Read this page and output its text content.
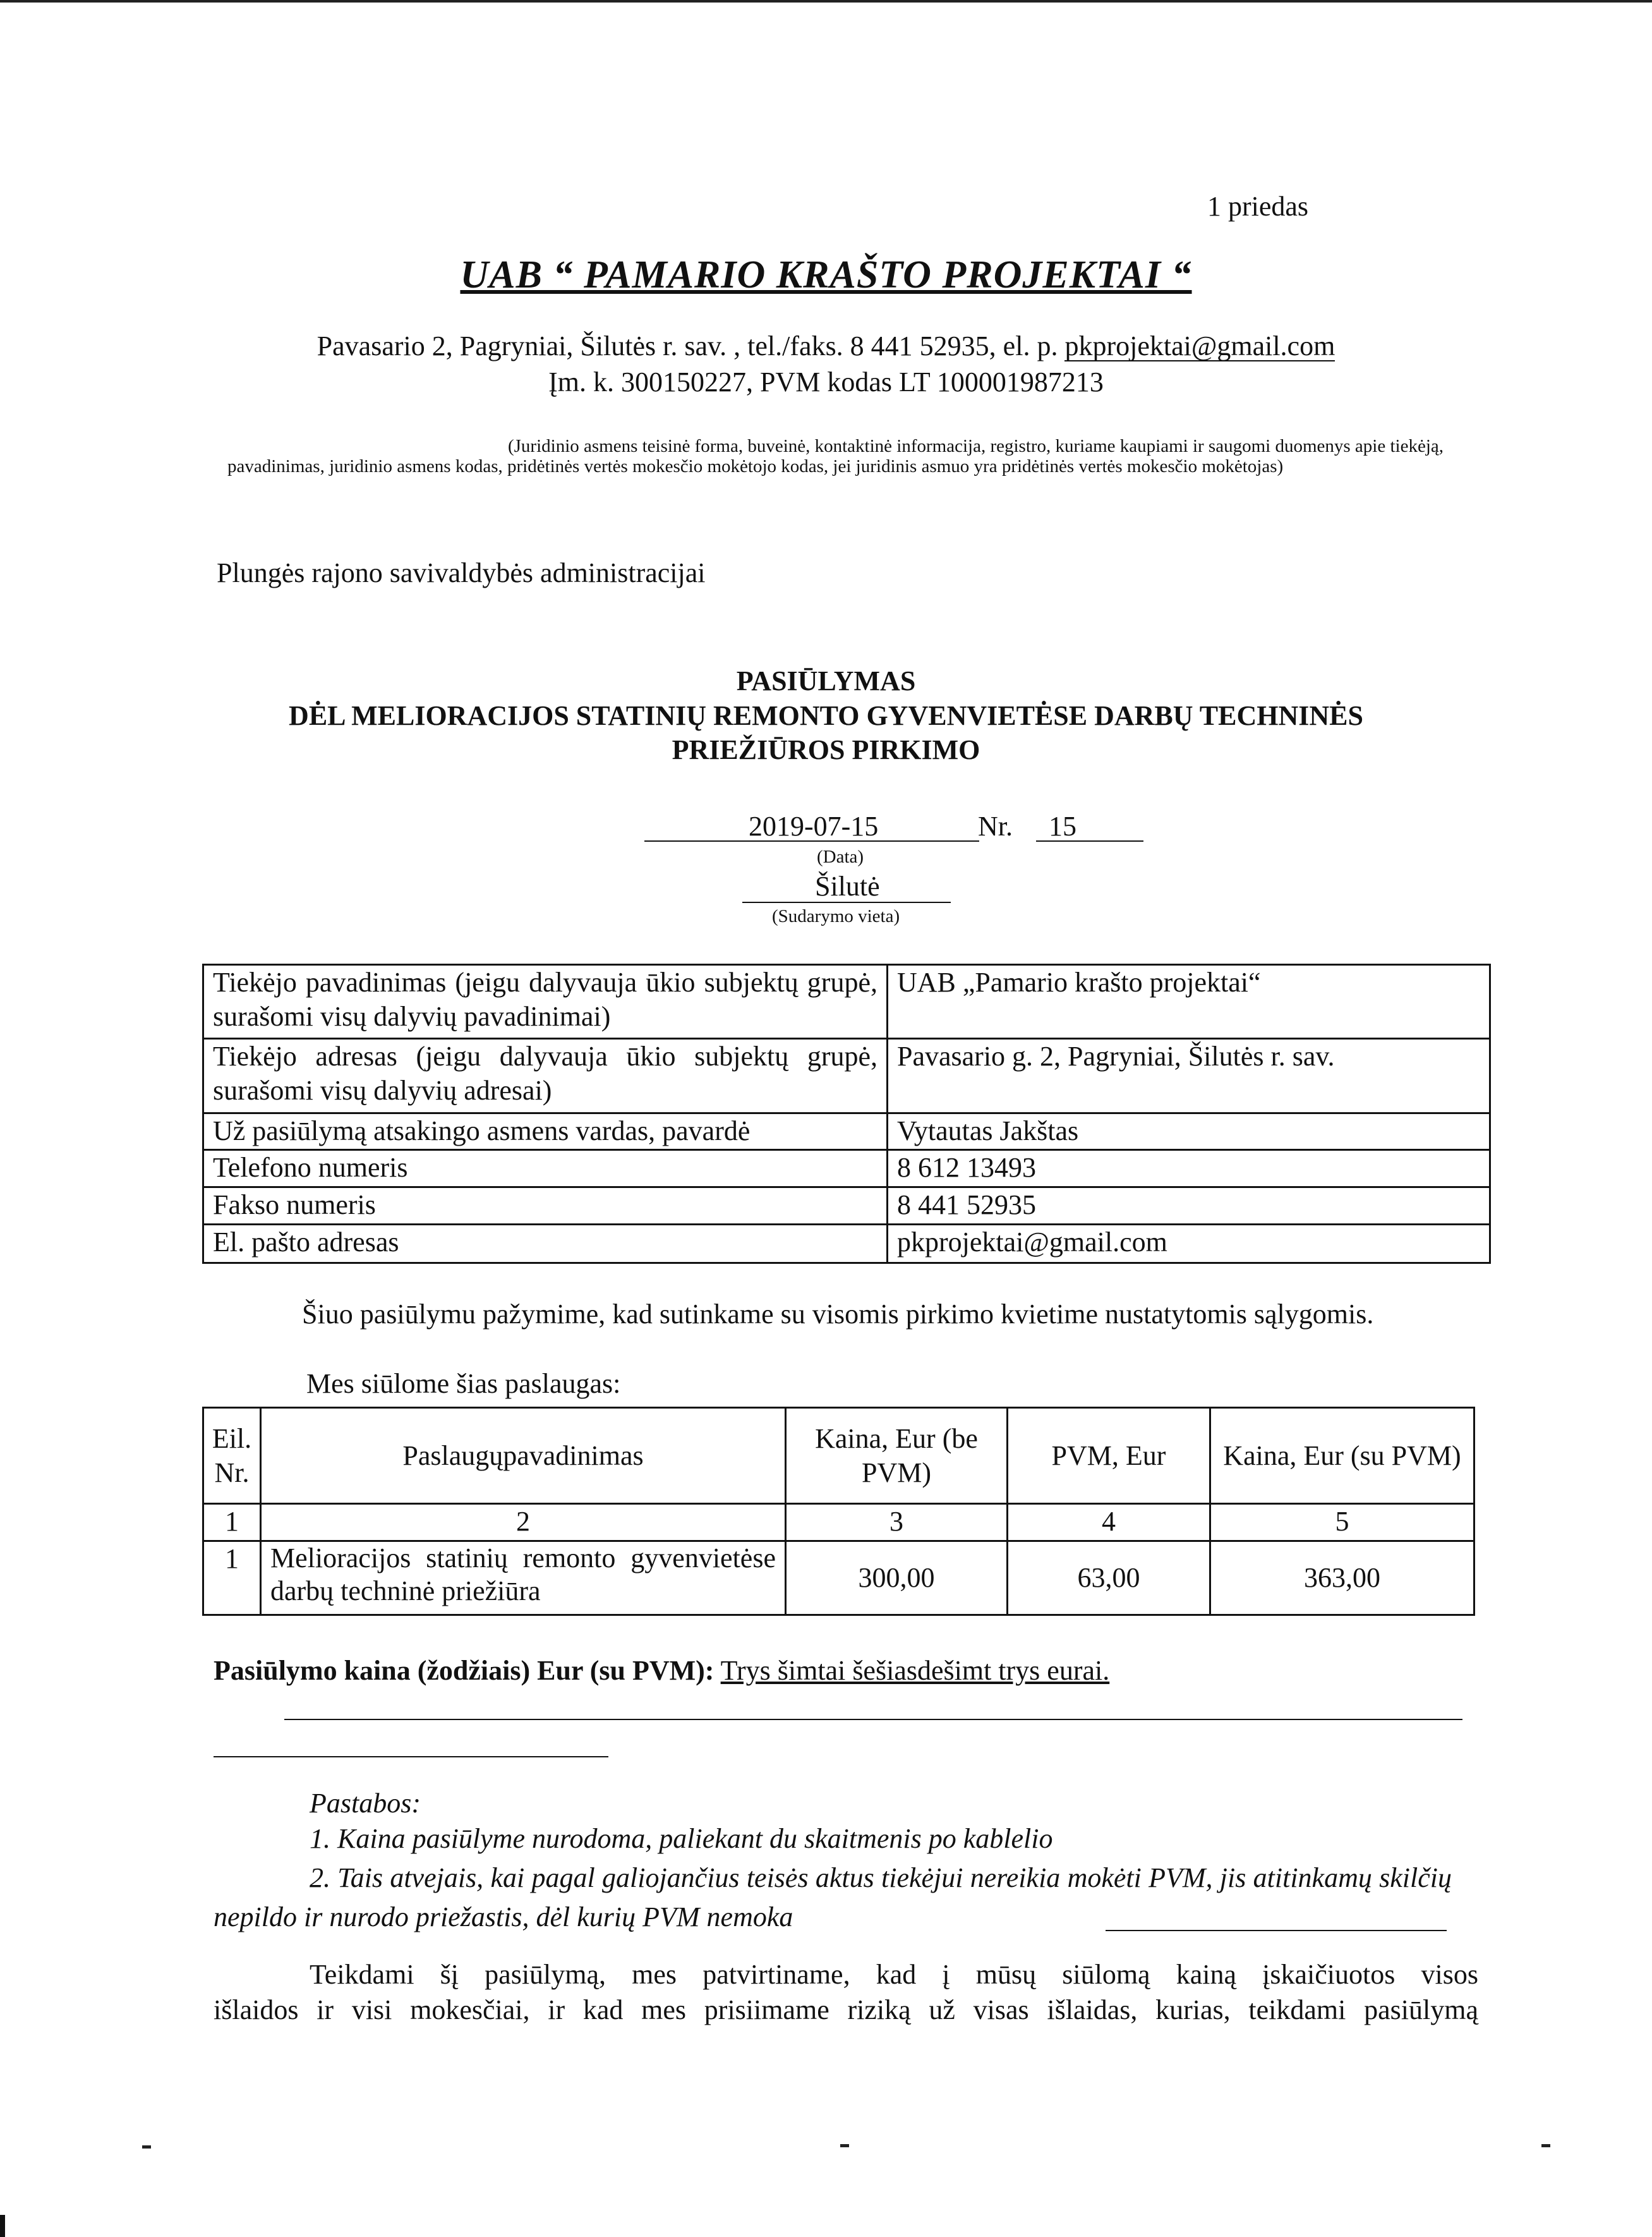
1 priedas
UAB “ PAMARIO KRAŠTO PROJEKTAI “
Pavasario 2, Pagryniai, Šilutės r. sav. , tel./faks. 8 441 52935, el. p. pkprojektai@gmail.com
Įm. k. 300150227, PVM kodas LT 100001987213
(Juridinio asmens teisinė forma, buveinė, kontaktinė informacija, registro, kuriame kaupiami ir saugomi duomenys apie tiekėją,
pavadinimas, juridinio asmens kodas, pridėtinės vertės mokesčio mokėtojo kodas, jei juridinis asmuo yra pridėtinės vertės mokesčio mokėtojas)
Plungės rajono savivaldybės administracijai
PASIŪLYMAS
DĖL MELIORACIJOS STATINIŲ REMONTO GYVENVIETĖSE DARBŲ TECHNINĖS
PRIEŽIŪROS PIRKIMO
2019-07-15	Nr. 15
(Data)
Šilutė
(Sudarymo vieta)
Tiekėjo pavadinimas (jeigu dalyvauja ūkio subjektų grupė, surašomi visų dalyvių pavadinimai)	UAB „Pamario krašto projektai“
Tiekėjo adresas (jeigu dalyvauja ūkio subjektų grupė, surašomi visų dalyvių adresai)	Pavasario g. 2, Pagryniai, Šilutės r. sav.
Už pasiūlymą atsakingo asmens vardas, pavardė	Vytautas Jakštas
Telefono numeris	8 612 13493
Fakso numeris	8 441 52935
El. pašto adresas	pkprojektai@gmail.com
Šiuo pasiūlymu pažymime, kad sutinkame su visomis pirkimo kvietime nustatytomis sąlygomis.
Mes siūlome šias paslaugas:
Eil. Nr.	Paslaugųpavadinimas	Kaina, Eur (be PVM)	PVM, Eur	Kaina, Eur (su PVM)
1	2	3	4	5
1	Melioracijos statinių remonto gyvenvietėse darbų techninė priežiūra	300,00	63,00	363,00
Pasiūlymo kaina (žodžiais) Eur (su PVM): Trys šimtai šešiasdešimt trys eurai.
Pastabos:
1. Kaina pasiūlyme nurodoma, paliekant du skaitmenis po kablelio
2. Tais atvejais, kai pagal galiojančius teisės aktus tiekėjui nereikia mokėti PVM, jis atitinkamų skilčių nepildo ir nurodo priežastis, dėl kurių PVM nemoka
Teikdami šį pasiūlymą, mes patvirtiname, kad į mūsų siūlomą kainą įskaičiuotos visos
išlaidos ir visi mokesčiai, ir kad mes prisiimame riziką už visas išlaidas, kurias, teikdami pasiūlymą
